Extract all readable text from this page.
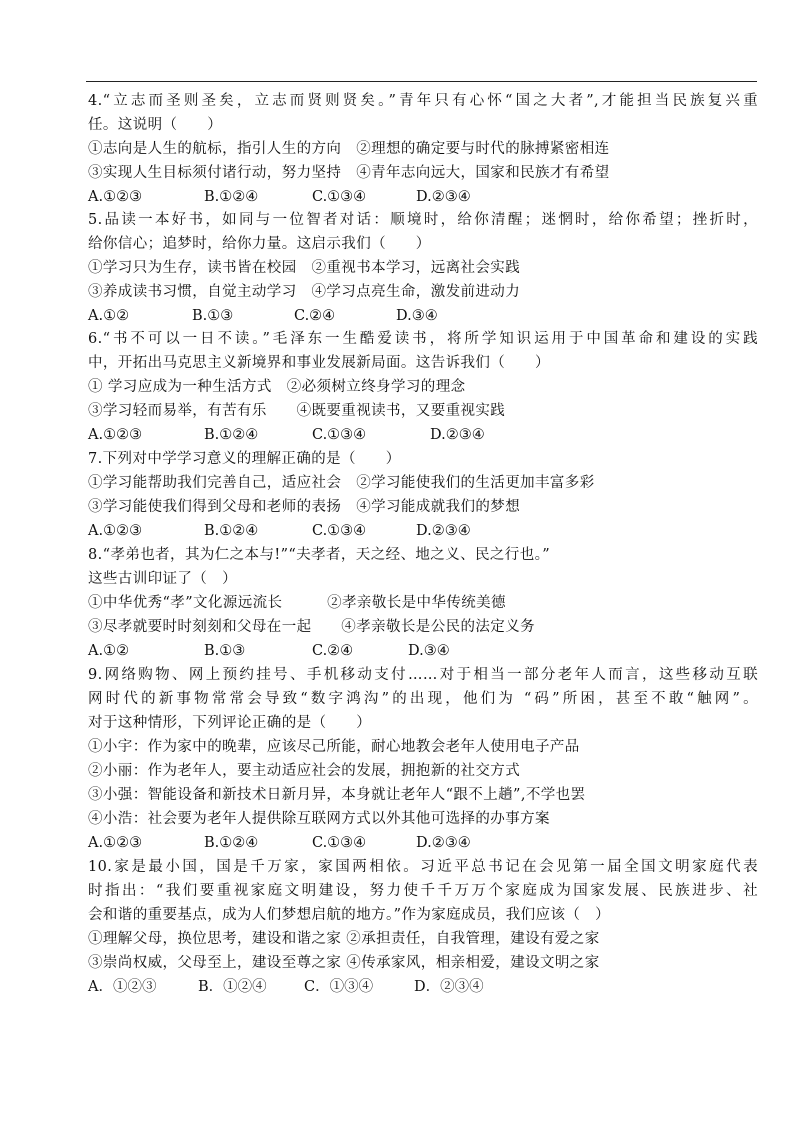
4.“立志而圣则圣矣，立志而贤则贤矣。”青年只有心怀“国之大者”,才能担当民族复兴重

任。这说明（　　）

①志向是人生的航标，指引人生的方向　②理想的确定要与时代的脉搏紧密相连

③实现人生目标须付诸行动，努力坚持　④青年志向远大，国家和民族才有希望

A.①②③	B.①②④	C.①③④	D.②③④

5.品读一本好书，如同与一位智者对话：顺境时，给你清醒；迷惘时，给你希望；挫折时，

给你信心；追梦时，给你力量。这启示我们（　　）

①学习只为生存，读书皆在校园　②重视书本学习，远离社会实践

③养成读书习惯，自觉主动学习　④学习点亮生命，激发前进动力

A.①②	B.①③	C.②④	D.③④

6.“书不可以一日不读。”毛泽东一生酷爱读书，将所学知识运用于中国革命和建设的实践

中，开拓出马克思主义新境界和事业发展新局面。这告诉我们（　　）

① 学习应成为一种生活方式　②必须树立终身学习的理念

③学习轻而易举，有苦有乐　　④既要重视读书，又要重视实践

A.①②③	B.①②④	C.①③④	D.②③④

7.下列对中学学习意义的理解正确的是（　　）

①学习能帮助我们完善自己，适应社会　②学习能使我们的生活更加丰富多彩

③学习能使我们得到父母和老师的表扬　④学习能成就我们的梦想

A.①②③	B.①②④	C.①③④	D.②③④

8.“孝弟也者，其为仁之本与!”“夫孝者，天之经、地之义、民之行也。”

这些古训印证了（　）

①中华优秀“孝”文化源远流长　　　②孝亲敬长是中华传统美德

③尽孝就要时时刻刻和父母在一起　　④孝亲敬长是公民的法定义务

A.①②	B.①③	C.②④	D.③④

9.网络购物、网上预约挂号、手机移动支付……对于相当一部分老年人而言，这些移动互联

网时代的新事物常常会导致“数字鸿沟”的出现，他们为 “码”所困，甚至不敢“触网”。

对于这种情形，下列评论正确的是（　　）

①小宇：作为家中的晚辈，应该尽己所能，耐心地教会老年人使用电子产品

②小丽：作为老年人，要主动适应社会的发展，拥抱新的社交方式

③小强：智能设备和新技术日新月异，本身就让老年人“跟不上趟”,不学也罢

④小浩：社会要为老年人提供除互联网方式以外其他可选择的办事方案

A.①②③	B.①②④	C.①③④	D.②③④

10.家是最小国，国是千万家，家国两相依。习近平总书记在会见第一届全国文明家庭代表

时指出：“我们要重视家庭文明建设，努力使千千万万个家庭成为国家发展、民族进步、社

会和谐的重要基点，成为人们梦想启航的地方。”作为家庭成员，我们应该（　）

①理解父母，换位思考，建设和谐之家 ②承担责任，自我管理，建设有爱之家

③崇尚权威，父母至上，建设至尊之家 ④传承家风，相亲相爱，建设文明之家

A．①②③	B．①②④	C．①③④	D．②③④
